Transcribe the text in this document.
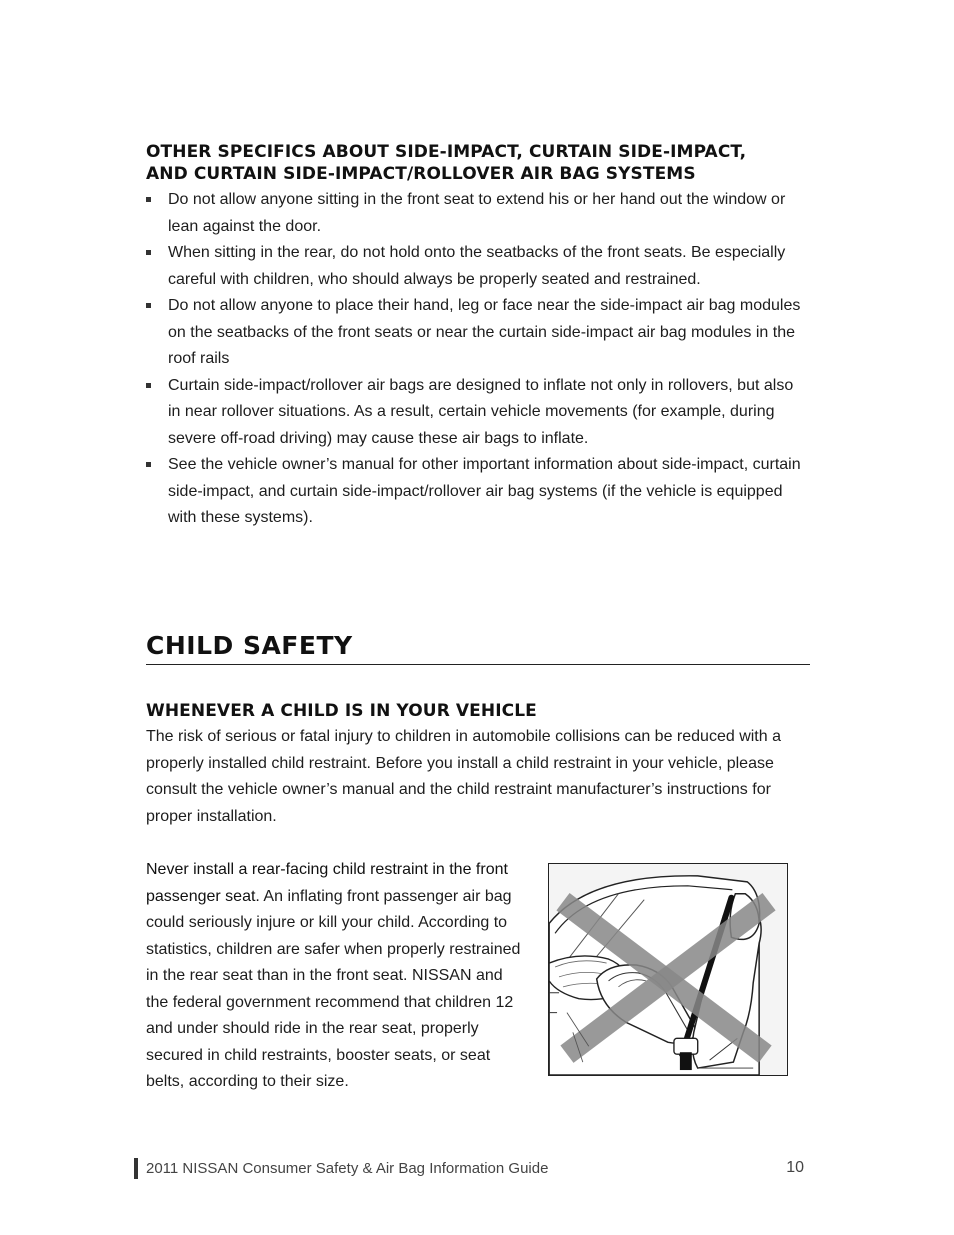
OTHER SPECIFICS ABOUT SIDE-IMPACT, CURTAIN SIDE-IMPACT,
AND CURTAIN SIDE-IMPACT/ROLLOVER AIR BAG SYSTEMS
Do not allow anyone sitting in the front seat to extend his or her hand out the window or lean against the door.
When sitting in the rear, do not hold onto the seatbacks of the front seats. Be especially careful with children, who should always be properly seated and restrained.
Do not allow anyone to place their hand, leg or face near the side-impact air bag modules on the seatbacks of the front seats or near the curtain side-impact air bag modules in the roof rails
Curtain side-impact/rollover air bags are designed to inflate not only in rollovers, but also in near rollover situations. As a result, certain vehicle movements (for example, during severe off-road driving) may cause these air bags to inflate.
See the vehicle owner’s manual for other important information about side-impact, curtain side-impact, and curtain side-impact/rollover air bag systems (if the vehicle is equipped with these systems).
CHILD SAFETY
WHENEVER A CHILD IS IN YOUR VEHICLE

The risk of serious or fatal injury to children in automobile collisions can be reduced with a properly installed child restraint. Before you install a child restraint in your vehicle, please consult the vehicle owner’s manual and the child restraint manufacturer’s instructions for proper installation.

Never install a rear-facing child restraint in the front passenger seat. An inflating front passenger air bag could seriously injure or kill your child. According to statistics, children are safer when properly restrained in the rear seat than in the front seat. NISSAN and the federal government recommend that children 12 and under should ride in the rear seat, properly secured in child restraints, booster seats, or seat belts, according to their size.

2011 NISSAN Consumer Safety & Air Bag Information Guide	10
